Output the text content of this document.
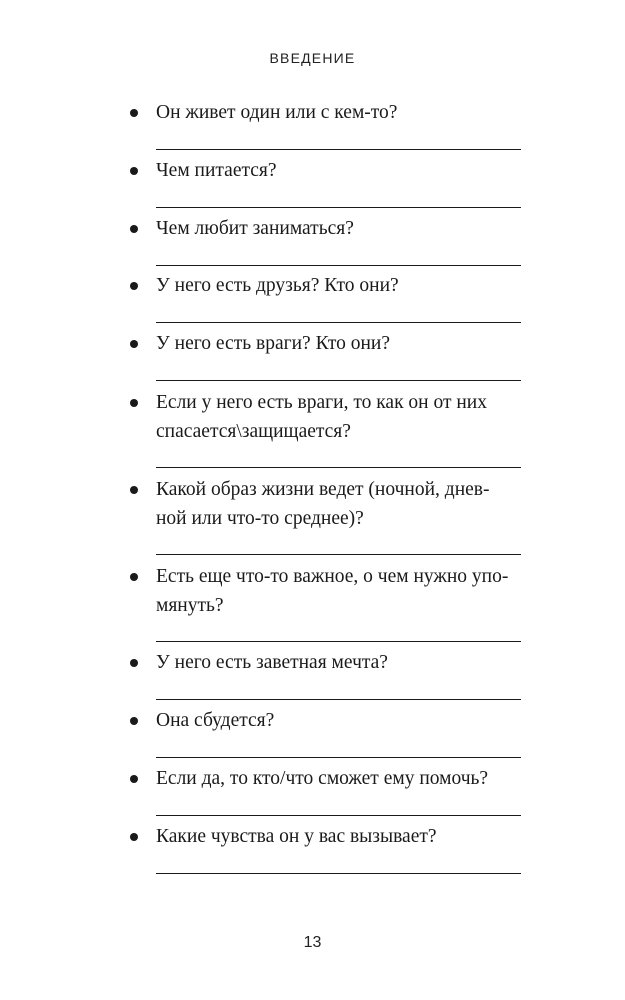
ВВЕДЕНИЕ
Он живет один или с кем-то?
Чем питается?
Чем любит заниматься?
У него есть друзья? Кто они?
У него есть враги? Кто они?
Если у него есть враги, то как он от них
спасается\защищается?
Какой образ жизни ведет (ночной, днев-
ной или что-то среднее)?
Есть еще что-то важное, о чем нужно упо-
мянуть?
У него есть заветная мечта?
Она сбудется?
Если да, то кто/что сможет ему помочь?
Какие чувства он у вас вызывает?
13
